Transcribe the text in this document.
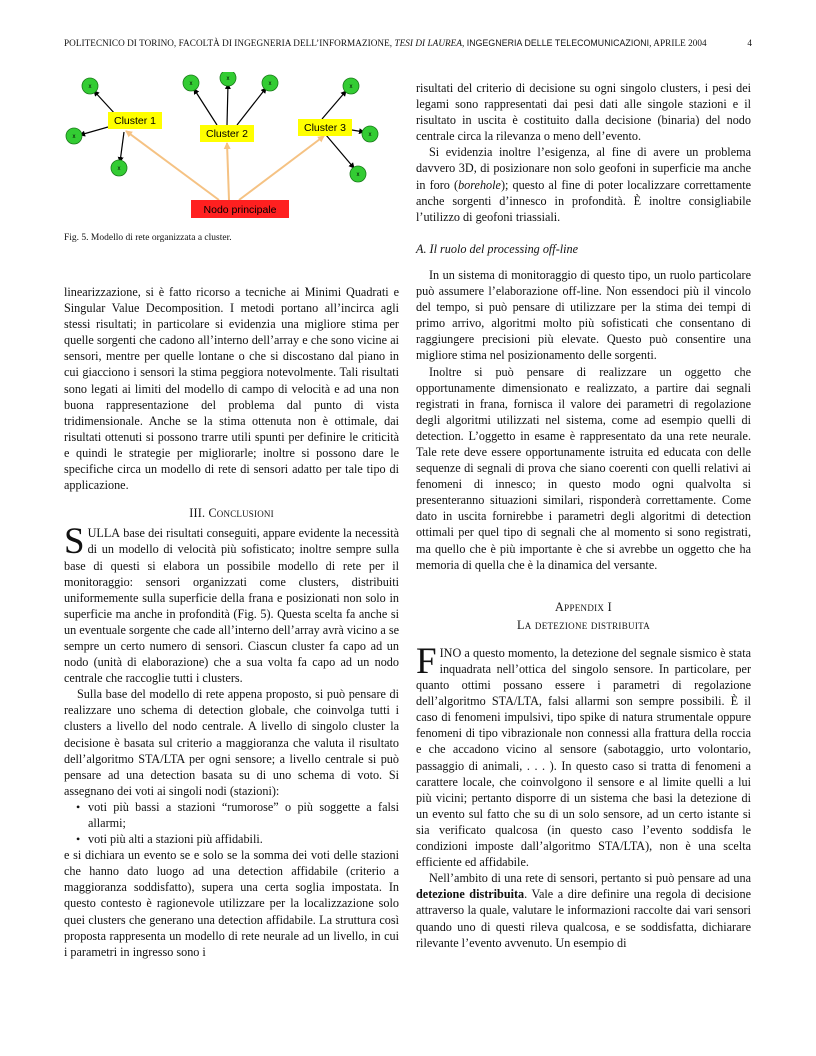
POLITECNICO DI TORINO, FACOLTÀ DI INGEGNERIA DELL’INFORMAZIONE, TESI DI LAUREA, INGEGNERIA DELLE TELECOMUNICAZIONI, APRILE 2004	4
x
x
x
x
x
x	x
x
x
Cluster 1
Cluster 2	Cluster 3
Nodo principale
Fig. 5. Modello di rete organizzata a cluster.

linearizzazione, si è fatto ricorso a tecniche ai Minimi Quadrati e Singular Value Decomposition. I metodi portano all’incirca agli stessi risultati; in particolare si evidenzia una migliore stima per quelle sorgenti che cadono all’interno dell’array e che sono vicine ai sensori, mentre per quelle lontane o che si discostano dal piano in cui giacciono i sensori la stima peggiora notevolmente. Tali risultati sono legati ai limiti del modello di campo di velocità e ad una non buona rappresentazione del problema dal punto di vista tridimensionale. Anche se la stima ottenuta non è ottimale, dai risultati ottenuti si possono trarre utili spunti per definire le criticità e quindi le strategie per migliorarle; inoltre si possono dare le specifiche circa un modello di rete di sensori adatto per tale tipo di applicazione.

III. Conclusioni

SULLA base dei risultati conseguiti, appare evidente la necessità di un modello di velocità più sofisticato; inoltre sempre sulla base di questi si elabora un possibile modello di rete per il monitoraggio: sensori organizzati come clusters, distribuiti uniformemente sulla superficie della frana e posizionati non solo in superficie ma anche in profondità (Fig. 5). Questa scelta fa anche si un eventuale sorgente che cade all’interno dell’array avrà vicino a se sempre un certo numero di sensori. Ciascun cluster fa capo ad un nodo (unità di elaborazione) che a sua volta fa capo ad un nodo centrale che raccoglie tutti i clusters.

Sulla base del modello di rete appena proposto, si può pensare di realizzare uno schema di detection globale, che coinvolga tutti i clusters a livello del nodo centrale. A livello di singolo cluster la decisione è basata sul criterio a maggioranza che valuta il risultato dell’algoritmo STA/LTA per ogni sensore; a livello centrale si può pensare ad una detection basata su di uno schema di voto. Si assegnano dei voti ai singoli nodi (stazioni):

• voti più bassi a stazioni “rumorose” o più soggette a falsi allarmi;
• voti più alti a stazioni più affidabili.

e si dichiara un evento se e solo se la somma dei voti delle stazioni che hanno dato luogo ad una detection affidabile (criterio a maggioranza soddisfatto), supera una certa soglia impostata. In questo contesto è ragionevole utilizzare per la localizzazione solo quei clusters che generano una detection affidabile. La struttura così proposta rappresenta un modello di rete neurale ad un livello, in cui i parametri in ingresso sono i

risultati del criterio di decisione su ogni singolo clusters, i pesi dei legami sono rappresentati dai pesi dati alle singole stazioni e il risultato in uscita è costituito dalla decisione (binaria) del nodo centrale circa la rilevanza o meno dell’evento.

Si evidenzia inoltre l’esigenza, al fine di avere un problema davvero 3D, di posizionare non solo geofoni in superficie ma anche in foro (borehole); questo al fine di poter localizzare correttamente anche sorgenti d’innesco in profondità. È inoltre consigliabile l’utilizzo di geofoni triassiali.

A. Il ruolo del processing off-line

In un sistema di monitoraggio di questo tipo, un ruolo particolare può assumere l’elaborazione off-line. Non essendoci più il vincolo del tempo, si può pensare di utilizzare per la stima dei tempi di primo arrivo, algoritmi molto più sofisticati che consentano di raggiungere precisioni più elevate. Questo può consentire una migliore stima nel posizionamento delle sorgenti.

Inoltre si può pensare di realizzare un oggetto che opportunamente dimensionato e realizzato, a partire dai segnali registrati in frana, fornisca il valore dei parametri di regolazione degli algoritmi utilizzati nel sistema, come ad esempio quelli di detection. L’oggetto in esame è rappresentato da una rete neurale. Tale rete deve essere opportunamente istruita ed educata con delle sequenze di segnali di prova che siano coerenti con quelli relativi ai fenomeni di innesco; in questo modo ogni qualvolta si presenteranno situazioni similari, risponderà correttamente. Come dato in uscita fornirebbe i parametri degli algoritmi di detection ottimali per quel tipo di segnali che al momento si sono registrati, ma quello che è più importante è che si avrebbe un oggetto che ha memoria di quella che è la dinamica del versante.

Appendix I
La detezione distribuita

FINO a questo momento, la detezione del segnale sismico è stata inquadrata nell’ottica del singolo sensore. In particolare, per quanto ottimi possano essere i parametri di regolazione dell’algoritmo STA/LTA, falsi allarmi son sempre possibili. È il caso di fenomeni impulsivi, tipo spike di natura strumentale oppure fenomeni di tipo vibrazionale non connessi alla frattura della roccia e che accadono vicino al sensore (sabotaggio, urto volontario, passaggio di animali, . . . ). In questo caso si tratta di fenomeni a carattere locale, che coinvolgono il sensore e al limite quelli a lui più vicini; pertanto disporre di un sistema che basi la detezione di un evento sul fatto che su di un solo sensore, ad un certo istante si sia verificato qualcosa (in questo caso l’evento soddisfa le condizioni imposte dall’algoritmo STA/LTA), non è una scelta efficiente ed affidabile.

Nell’ambito di una rete di sensori, pertanto si può pensare ad una detezione distribuita. Vale a dire definire una regola di decisione attraverso la quale, valutare le informazioni raccolte dai vari sensori quando uno di questi rileva qualcosa, e se soddisfatta, dichiarare rilevante l’evento avvenuto. Un esempio di
